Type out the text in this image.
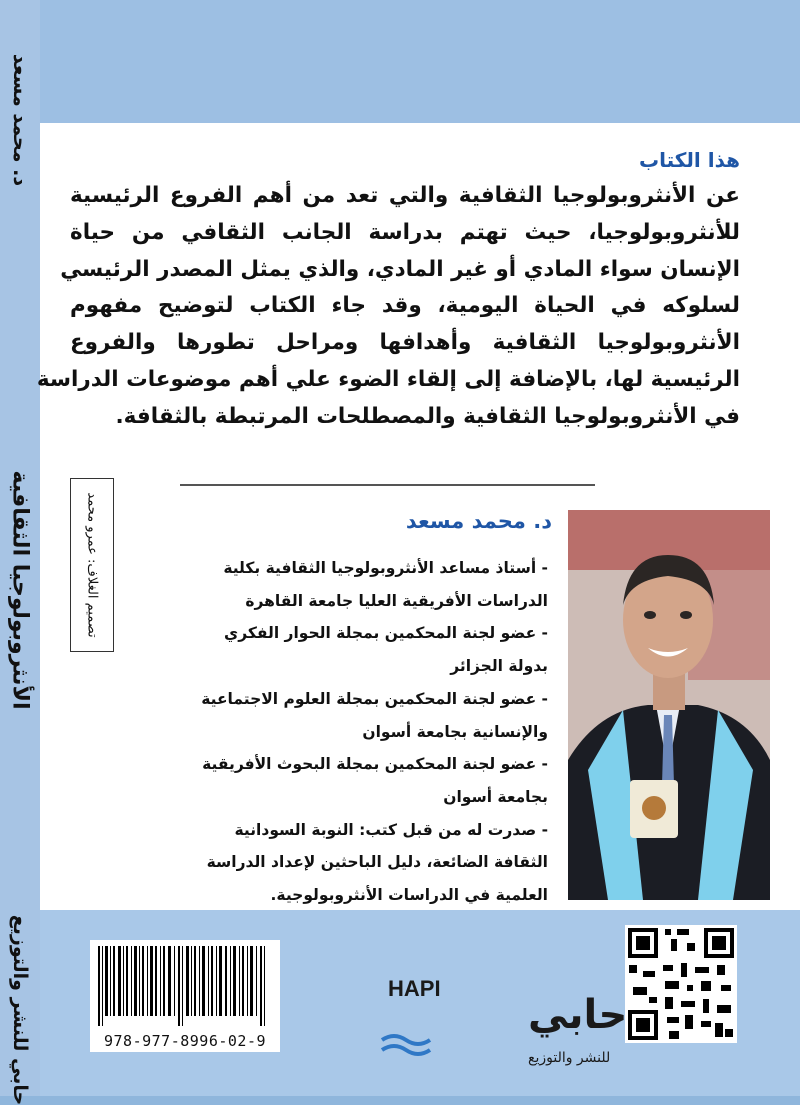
د. محمد مسعد
الأنثروبولوجيا الثقافية
حابي للنشر والتوزيع
هذا الكتاب
عن الأنثروبولوجيا الثقافية والتي تعد من أهم الفروع الرئيسية
للأنثروبولوجيا، حيث تهتم بدراسة الجانب الثقافي من حياة
الإنسان سواء المادي أو غير المادي، والذي يمثل المصدر الرئيسي
لسلوكه في الحياة اليومية، وقد جاء الكتاب لتوضيح مفهوم
الأنثروبولوجيا الثقافية وأهدافها ومراحل تطورها والفروع
الرئيسية لها، بالإضافة إلى إلقاء الضوء علي أهم موضوعات الدراسة
في الأنثروبولوجيا الثقافية والمصطلحات المرتبطة بالثقافة.
تصميم الغلاف: عمرو محمد	د. محمد مسعد
- أستاذ مساعد الأنثروبولوجيا الثقافية بكلية
الدراسات الأفريقية العليا جامعة القاهرة
- عضو لجنة المحكمين بمجلة الحوار الفكري
بدولة الجزائر
- عضو لجنة المحكمين بمجلة العلوم الاجتماعية
والإنسانية بجامعة أسوان
- عضو لجنة المحكمين بمجلة البحوث الأفريقية
بجامعة أسوان
- صدرت له من قبل كتب: النوبة السودانية
الثقافة الضائعة، دليل الباحثين لإعداد الدراسة
العلمية في الدراسات الأنثروبولوجية.
HAPI
حابي
للنشر والتوزيع
978-977-8996-02-9
